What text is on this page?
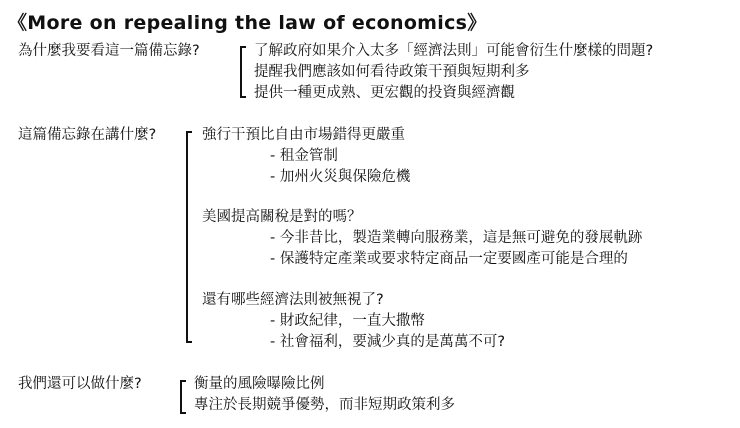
《More on repealing the law of economics》
為什麼我要看這一篇備忘錄?	了解政府如果介入太多「經濟法則」可能會衍生什麼樣的問題?
提醒我們應該如何看待政策干預與短期利多
提供一種更成熟、更宏觀的投資與經濟觀
這篇備忘錄在講什麼?	強行干預比自由市場錯得更嚴重
- 租金管制
- 加州火災與保險危機
美國提高關稅是對的嗎？
- 今非昔比，製造業轉向服務業，這是無可避免的發展軌跡
- 保護特定產業或要求特定商品一定要國產可能是合理的
還有哪些經濟法則被無視了?
- 財政紀律，一直大撒幣
- 社會福利，要減少真的是萬萬不可?
我們還可以做什麼?	衡量的風險曝險比例
專注於長期競爭優勢，而非短期政策利多
